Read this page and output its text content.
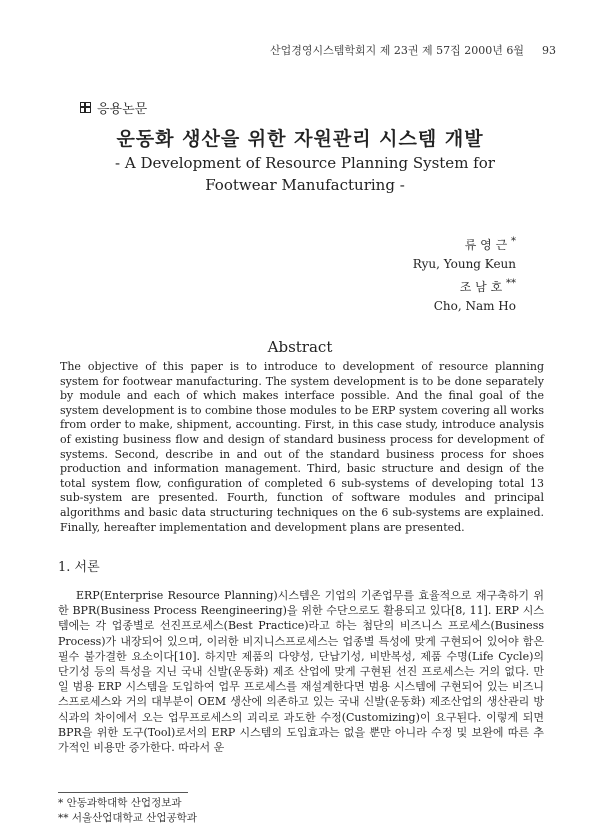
산업경영시스템학회지 제 23권 제 57집 2000년 6월 93
응용논문
운동화 생산을 위한 자원관리 시스템 개발
- A Development of Resource Planning System for Footwear Manufacturing -
류 영 근 *
Ryu, Young Keun
조 남 호 **
Cho, Nam Ho
Abstract
The objective of this paper is to introduce to development of resource planning system for footwear manufacturing. The system development is to be done separately by module and each of which makes interface possible. And the final goal of the system development is to combine those modules to be ERP system covering all works from order to make, shipment, accounting. First, in this case study, introduce analysis of existing business flow and design of standard business process for development of systems. Second, describe in and out of the standard business process for shoes production and information management. Third, basic structure and design of the total system flow, configuration of completed 6 sub-systems of developing total 13 sub-system are presented. Fourth, function of software modules and principal algorithms and basic data structuring techniques on the 6 sub-systems are explained. Finally, hereafter implementation and development plans are presented.
1. 서론
ERP(Enterprise Resource Planning)시스템은 기업의 기존업무를 효율적으로 재구축하기 위한 BPR(Business Process Reengineering)을 위한 수단으로도 활용되고 있다[8, 11]. ERP 시스템에는 각 업종별로 선진프로세스(Best Practice)라고 하는 첨단의 비즈니스 프로세스(Business Process)가 내장되어 있으며, 이러한 비지니스프로세스는 업종별 특성에 맞게 구현되어 있어야 함은 필수 불가결한 요소이다[10]. 하지만 제품의 다양성, 단납기성, 비반복성, 제품 수명(Life Cycle)의 단기성 등의 특성을 지닌 국내 신발(운동화) 제조 산업에 맞게 구현된 선진 프로세스는 거의 없다. 만일 범용 ERP 시스템을 도입하여 업무 프로세스를 재설계한다면 범용 시스템에 구현되어 있는 비즈니스프로세스와 거의 대부분이 OEM 생산에 의존하고 있는 국내 신발(운동화) 제조산업의 생산관리 방식과의 차이에서 오는 업무프로세스의 괴리로 과도한 수정(Customizing)이 요구된다. 이렇게 되면 BPR을 위한 도구(Tool)로서의 ERP 시스템의 도입효과는 없을 뿐만 아니라 수정 및 보완에 따른 추가적인 비용만 증가한다. 따라서 운
* 안동과학대학 산업정보과
** 서울산업대학교 산업공학과
